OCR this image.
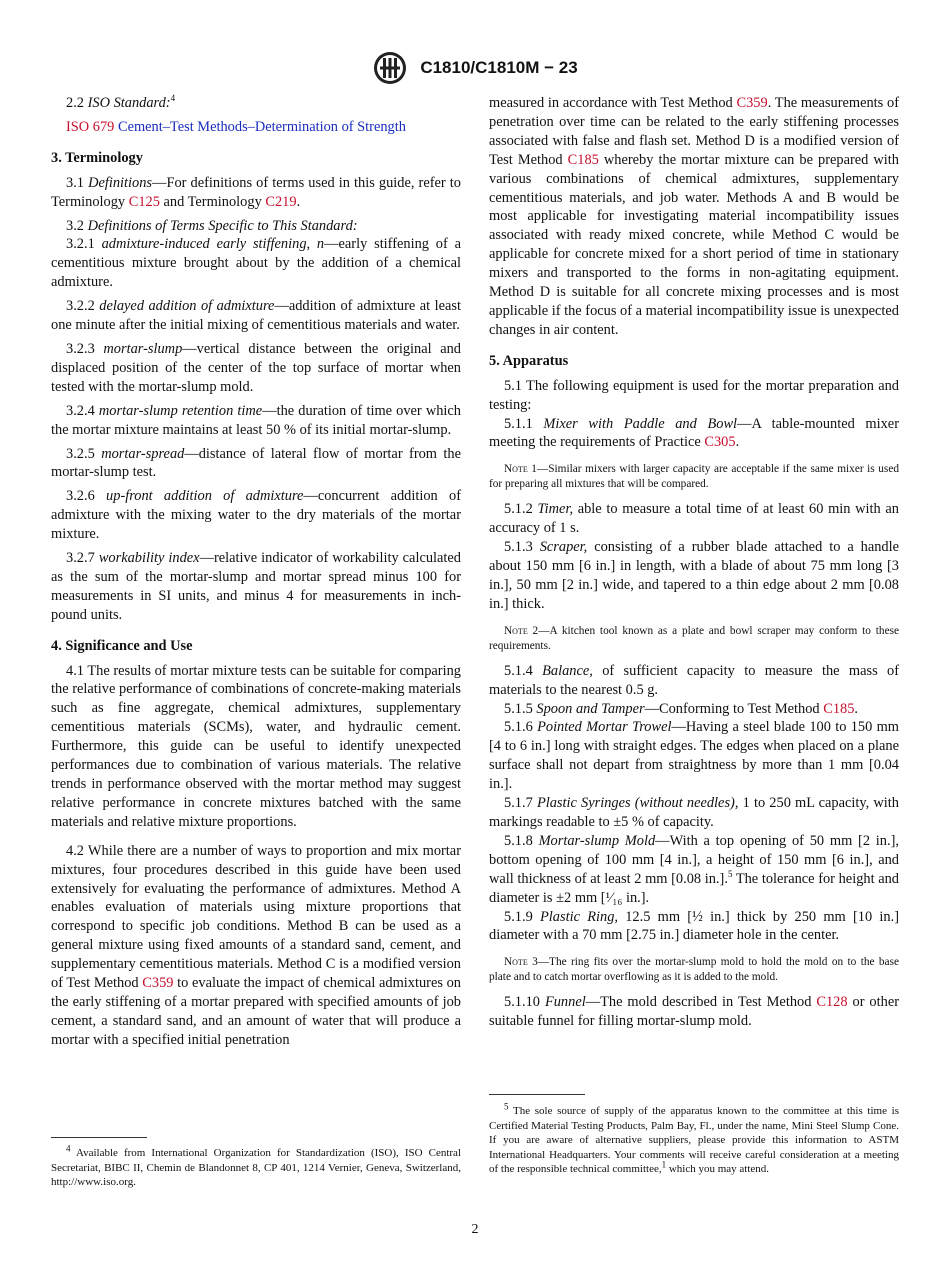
C1810/C1810M − 23

2.2 ISO Standard:$^4$

ISO 679 Cement–Test Methods–Determination of Strength

3. Terminology

3.1 Definitions—For definitions of terms used in this guide, refer to Terminology C125 and Terminology C219.

3.2 Definitions of Terms Specific to This Standard:

3.2.1 admixture-induced early stiffening, n—early stiffening of a cementitious mixture brought about by the addition of a chemical admixture.

3.2.2 delayed addition of admixture—addition of admixture at least one minute after the initial mixing of cementitious materials and water.

3.2.3 mortar-slump—vertical distance between the original and displaced position of the center of the top surface of mortar when tested with the mortar-slump mold.

3.2.4 mortar-slump retention time—the duration of time over which the mortar mixture maintains at least 50 % of its initial mortar-slump.

3.2.5 mortar-spread—distance of lateral flow of mortar from the mortar-slump test.

3.2.6 up-front addition of admixture—concurrent addition of admixture with the mixing water to the dry materials of the mortar mixture.

3.2.7 workability index—relative indicator of workability calculated as the sum of the mortar-slump and mortar spread minus 100 for measurements in SI units, and minus 4 for measurements in inch-pound units.

4. Significance and Use

4.1 The results of mortar mixture tests can be suitable for comparing the relative performance of combinations of concrete-making materials such as fine aggregate, chemical admixtures, supplementary cementitious materials (SCMs), water, and hydraulic cement. Furthermore, this guide can be useful to identify unexpected performances due to combination of various materials. The relative trends in performance observed with the mortar method may suggest relative performance in concrete mixtures batched with the same materials and relative mixture proportions.

4.2 While there are a number of ways to proportion and mix mortar mixtures, four procedures described in this guide have been used extensively for evaluating the performance of admixtures. Method A enables evaluation of materials using mixture proportions that correspond to specific job conditions. Method B can be used as a general mixture using fixed amounts of a standard sand, cement, and supplementary cementitious materials. Method C is a modified version of Test Method C359 to evaluate the impact of chemical admixtures on the early stiffening of a mortar prepared with specified amounts of job cement, a standard sand, and an amount of water that will produce a mortar with a specified initial penetration

$^4$ Available from International Organization for Standardization (ISO), ISO Central Secretariat, BIBC II, Chemin de Blandonnet 8, CP 401, 1214 Vernier, Geneva, Switzerland, http://www.iso.org.

measured in accordance with Test Method C359. The measurements of penetration over time can be related to the early stiffening processes associated with false and flash set. Method D is a modified version of Test Method C185 whereby the mortar mixture can be prepared with various combinations of chemical admixtures, supplementary cementitious materials, and job water. Methods A and B would be most applicable for investigating material incompatibility issues associated with ready mixed concrete, while Method C would be applicable for concrete mixed for a short period of time in stationary mixers and transported to the forms in non-agitating equipment. Method D is suitable for all concrete mixing processes and is most applicable if the focus of a material incompatibility issue is unexpected changes in air content.

5. Apparatus

5.1 The following equipment is used for the mortar preparation and testing:

5.1.1 Mixer with Paddle and Bowl—A table-mounted mixer meeting the requirements of Practice C305.

Note 1—Similar mixers with larger capacity are acceptable if the same mixer is used for preparing all mixtures that will be compared.

5.1.2 Timer, able to measure a total time of at least 60 min with an accuracy of 1 s.

5.1.3 Scraper, consisting of a rubber blade attached to a handle about 150 mm [6 in.] in length, with a blade of about 75 mm long [3 in.], 50 mm [2 in.] wide, and tapered to a thin edge about 2 mm [0.08 in.] thick.

Note 2—A kitchen tool known as a plate and bowl scraper may conform to these requirements.

5.1.4 Balance, of sufficient capacity to measure the mass of materials to the nearest 0.5 g.

5.1.5 Spoon and Tamper—Conforming to Test Method C185.

5.1.6 Pointed Mortar Trowel—Having a steel blade 100 to 150 mm [4 to 6 in.] long with straight edges. The edges when placed on a plane surface shall not depart from straightness by more than 1 mm [0.04 in.].

5.1.7 Plastic Syringes (without needles), 1 to 250 mL capacity, with markings readable to ±5 % of capacity.

5.1.8 Mortar-slump Mold—With a top opening of 50 mm [2 in.], bottom opening of 100 mm [4 in.], a height of 150 mm [6 in.], and wall thickness of at least 2 mm [0.08 in.].$^5$ The tolerance for height and diameter is ±2 mm [¹⁄₁₆ in.].

5.1.9 Plastic Ring, 12.5 mm [½ in.] thick by 250 mm [10 in.] diameter with a 70 mm [2.75 in.] diameter hole in the center.

Note 3—The ring fits over the mortar-slump mold to hold the mold on to the base plate and to catch mortar overflowing as it is added to the mold.

5.1.10 Funnel—The mold described in Test Method C128 or other suitable funnel for filling mortar-slump mold.

$^5$ The sole source of supply of the apparatus known to the committee at this time is Certified Material Testing Products, Palm Bay, Fl., under the name, Mini Steel Slump Cone. If you are aware of alternative suppliers, please provide this information to ASTM International Headquarters. Your comments will receive careful consideration at a meeting of the responsible technical committee,$^1$ which you may attend.
2
